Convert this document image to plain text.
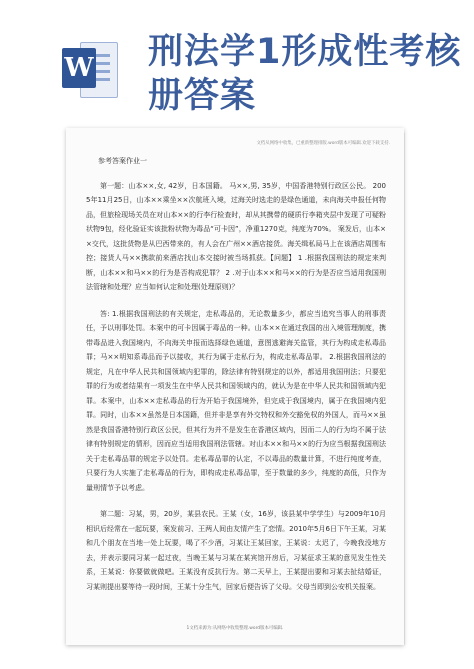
W 刑法学1形成性考核册答案
文档从网络中收集，已重新整理排版.word版本可编辑.欢迎下载支持.

参考答案作业一

第一题：山本××,女, 42岁，日本国籍。 马××,男, 35岁，中国香港特别行政区公民。 2005年11月25日，山本××乘坐××次航班入境，过海关时选走的是绿色通道，未向海关申报任何物品，但旅检现场关员在对山本××的行李行检查时，却从其携带的硬质行李箱夹层中发现了可疑粉状物9包，经化验证实该批粉状物为毒品“可卡因”，净重1270克，纯度为70%。 案发后，山本××交代，这批货物是从巴西带来的，有人会在广州××酒店接货。海关缉私局马上在该酒店周围布控；接货人马××携款前来酒店找山本交接时被当场抓获。【问题】 1 .根据我国刑法的规定来判断，山本××和马××的行为是否构成犯罪？ 2 .对于山本××和马××的行为是否应当适用我国刑法管辖和处理？应当如何认定和处理(处理原则)？

答: 1.根据我国刑法的有关规定，走私毒品的，无论数量多少，都应当追究当事人的刑事责任，予以刑事处罚。本案中的可卡因属于毒品的一种。山本××在通过我国的出入境管理制度，携带毒品进入我国境内，不向海关申报而选择绿色通道，意图逃避海关监管，其行为构成走私毒品罪；马××明知系毒品而予以接收，其行为属于走私行为，构成走私毒品罪。 2.根据我国刑法的规定，凡在中华人民共和国领域内犯罪的，除法律有特别规定的以外，都适用我国刑法；只要犯罪的行为或者结果有一项发生在中华人民共和国领域内的，就认为是在中华人民共和国领域内犯罪。本案中，山本××走私毒品的行为开始于我国境外，但完成于我国境内，属于在我国境内犯罪。同时，山本××虽然是日本国籍，但并非是享有外交特权和外交豁免权的外国人，而马××虽然是我国香港特别行政区公民，但其行为并不是发生在香港区域内，因而二人的行为均不属于法律有特别规定的情形，因而应当适用我国刑法管辖。对山本××和马××的行为应当根据我国刑法关于走私毒品罪的规定予以处罚。走私毒品罪的认定，不以毒品的数量计算，不进行纯度考查，只要行为人实施了走私毒品的行为，即构成走私毒品罪，至于数量的多少，纯度的高低，只作为量刑情节予以考虑。

第二题：习某，男，20岁，某县农民。王某（女，16岁，该县某中学学生）与2009年10月相识后经常在一起玩要，案发前习、王两人间由友情产生了恋情。2010年5月6日下午王某，习某和几个朋友在当地一处上玩要，喝了不少酒，习某让王某回家，王某说：太迟了，今晚我没地方去，并表示要同习某一起过夜，当晚王某与习某在某宾馆开房后，习某征求王某的意见发生性关系，王某说：你要做就做吧。王某没有反抗行为。第二天早上，王某提出要和习某去扯结婚证，习某则提出要等待一段时间，王某十分生气，回家后便告诉了父母。父母当即到公安机关报案。

1文档来源为:从网络中收集整理.word版本可编辑.
